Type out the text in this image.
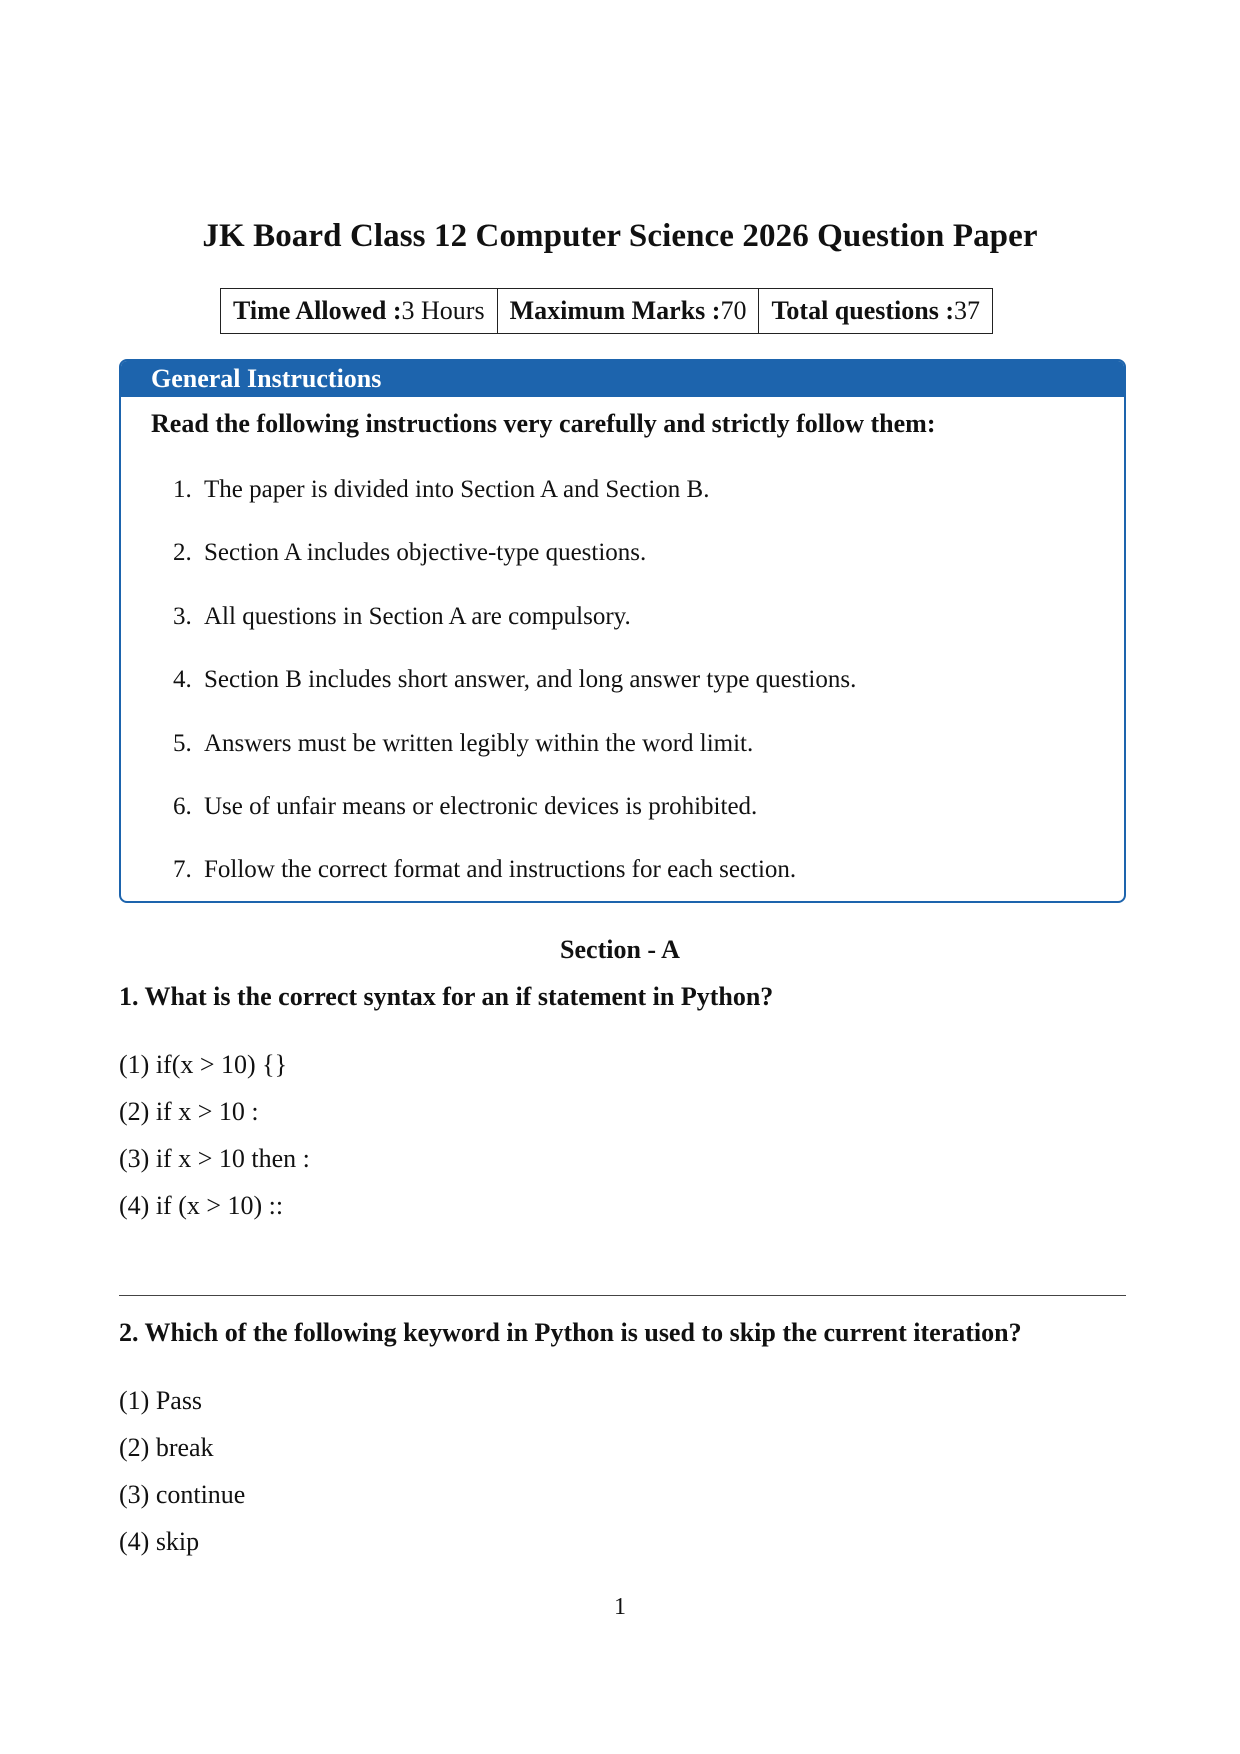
JK Board Class 12 Computer Science 2026 Question Paper
Time Allowed : 3 Hours Maximum Marks : 70 Total questions : 37
General Instructions
Read the following instructions very carefully and strictly follow them:
1. The paper is divided into Section A and Section B.
2. Section A includes objective-type questions.
3. All questions in Section A are compulsory.
4. Section B includes short answer, and long answer type questions.
5. Answers must be written legibly within the word limit.
6. Use of unfair means or electronic devices is prohibited.
7. Follow the correct format and instructions for each section.
Section - A
1. What is the correct syntax for an if statement in Python?
(1) if(x > 10) {}
(2) if x > 10 :
(3) if x > 10 then :
(4) if (x > 10) ::
2. Which of the following keyword in Python is used to skip the current iteration?
(1) Pass
(2) break
(3) continue
(4) skip
1
